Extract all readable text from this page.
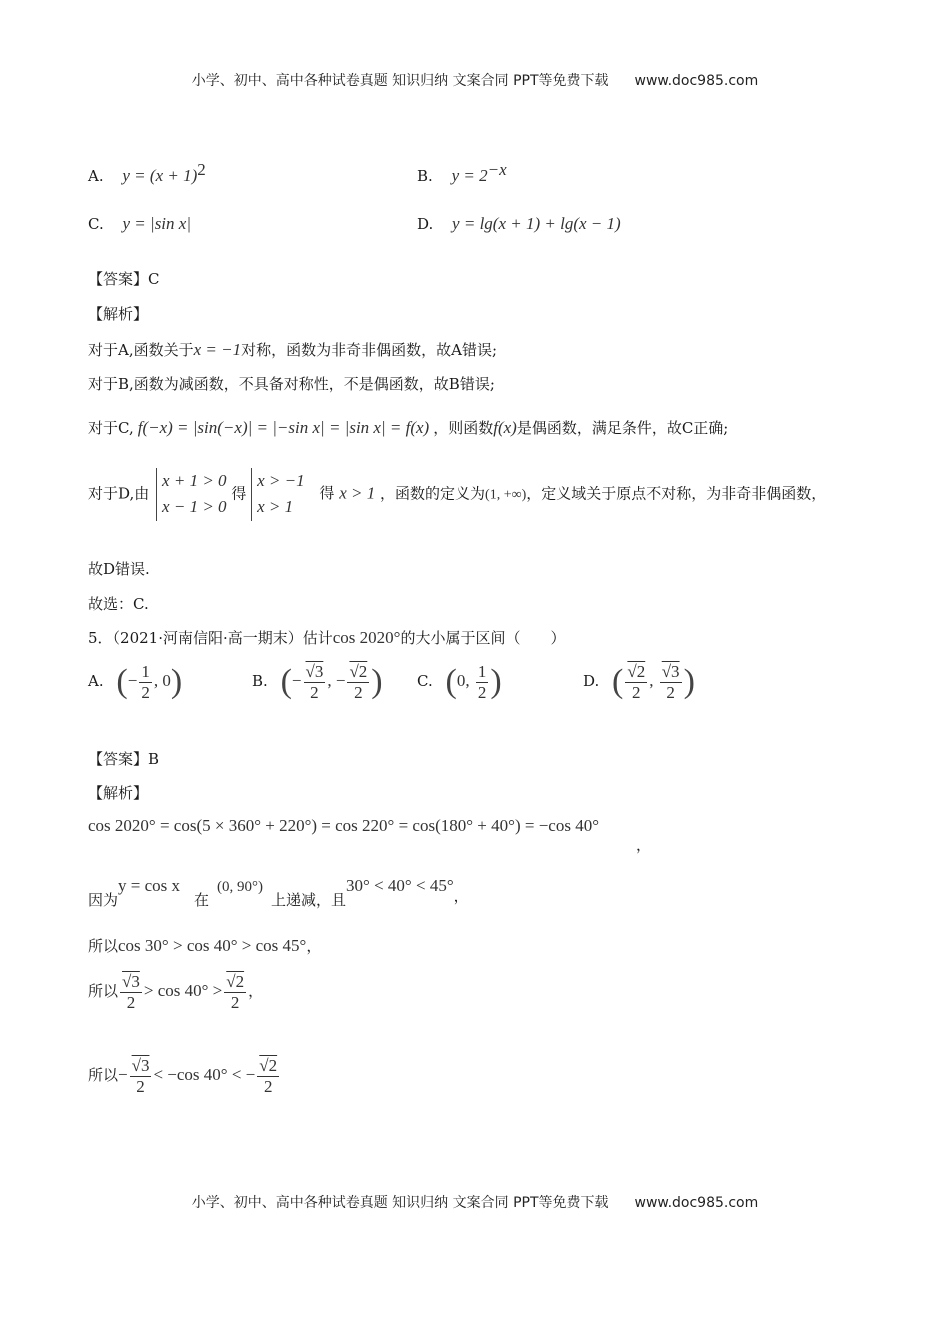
小学、初中、高中各种试卷真题 知识归纳 文案合同 PPT等免费下载 www.doc985.com
A. $y = (x + 1)^2$	B. $y = 2^{-x}$
C. y = |sin x|	D. y = lg(x + 1) + lg(x − 1)
【答案】C
【解析】
对于A,函数关于x = −1对称，函数为非奇非偶函数，故A错误;
对于B,函数为减函数，不具备对称性，不是偶函数，故B错误;
对于C, f(−x) = |sin(−x)| = |−sin x| = |sin x| = f(x) ，则函数f(x)是偶函数，满足条件，故C正确;
对于D,由 x + 1 > 0
x − 1 > 0 得 x > −1
x > 1 得 x > 1 ，函数的定义为(1, +∞)，定义域关于原点不对称，为非奇非偶函数，
故D错误.
故选：C.
5．（2021·河南信阳·高一期末）估计cos 2020°的大小属于区间（　　）
A. (− $\frac{1}{2}$ , 0)	B. (− $\frac{√3}{2}$ , − $\frac{√2}{2}$ ) C. (0, $\frac{1}{2}$ )	D. ( $\frac{√2}{2}$ , $\frac{√3}{2}$ )
【答案】B
【解析】
cos 2020° = cos(5 × 360° + 220°) = cos 220° = cos(180° + 40°) = −cos 40°
，
因为y = cos x在(0, 90°)上递减，且30° < 40° < 45°，
所以cos 30° > cos 40° > cos 45°，
所以 $\frac{√3}{2} > \cos 40^\circ > \frac{√2}{2}$ ，
所以− $\frac{√3}{2} < -\cos$ 40° < − $\frac{√2}{2}$
小学、初中、高中各种试卷真题 知识归纳 文案合同 PPT等免费下载 www.doc985.com
